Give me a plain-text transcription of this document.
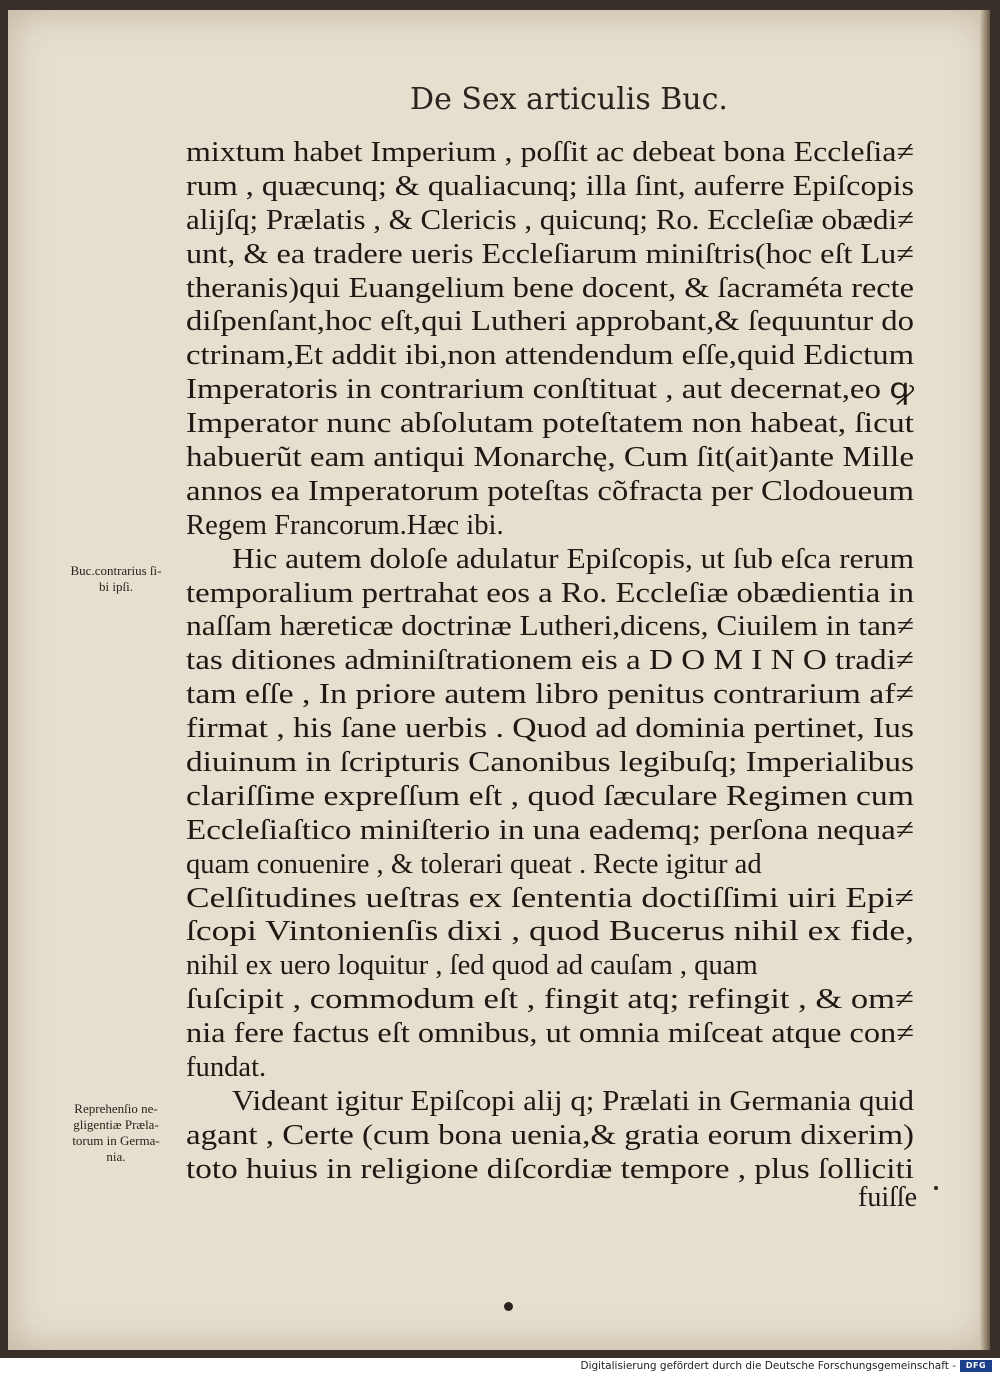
De Sex articulis Buc.
mixtum habet Imperium , poſſit ac debeat bona Eccleſia≠
rum , quæcunq; & qualiacunq; illa ſint, auferre Epiſcopis
alijſq; Prælatis , & Clericis , quicunq; Ro. Eccleſiæ obædi≠
unt, & ea tradere ueris Eccleſiarum miniſtris(hoc eſt Lu≠
theranis)qui Euangelium bene docent, & ſacraméta recte
diſpenſant,hoc eſt,qui Lutheri approbant,& ſequuntur do
ctrinam,Et addit ibi,non attendendum eſſe,quid Edictum
Imperatoris in contrarium conſtituat , aut decernat,eo ꝙ
Imperator nunc abſolutam poteſtatem non habeat, ſicut
habuerũt eam antiqui Monarchę, Cum ſit(ait)ante Mille
annos ea Imperatorum poteſtas cõfracta per Clodoueum
Regem Francorum.Hæc ibi.
Hic autem doloſe adulatur Epiſcopis, ut ſub eſca rerum
temporalium pertrahat eos a Ro. Eccleſiæ obædientia in
naſſam hæreticæ doctrinæ Lutheri,dicens, Ciuilem in tan≠
tas ditiones adminiſtrationem eis a D O M I N O tradi≠
tam eſſe , In priore autem libro penitus contrarium af≠
firmat , his ſane uerbis . Quod ad dominia pertinet, Ius
diuinum in ſcripturis Canonibus legibuſq; Imperialibus
clariſſime expreſſum eſt , quod ſæculare Regimen cum
Eccleſiaſtico miniſterio in una eademq; perſona nequa≠
quam conuenire , & tolerari queat . Recte igitur ad
Celſitudines ueſtras ex ſententia doctiſſimi uiri Epi≠
ſcopi Vintonienſis dixi , quod Bucerus nihil ex fide,
nihil ex uero loquitur , ſed quod ad cauſam , quam
ſuſcipit , commodum eſt , fingit atq; refingit , & om≠
nia fere factus eſt omnibus, ut omnia miſceat atque con≠
fundat.
Videant igitur Epiſcopi alij q; Prælati in Germania quid
agant , Certe (cum bona uenia,& gratia eorum dixerim)
toto huius in religione diſcordiæ tempore , plus ſolliciti
fuiſſe
Buc.contrarius ſi-
bi ipſi.
Reprehenſio ne-
gligentiæ Præla-
torum in Germa-
nia.
Digitalisierung gefördert durch die Deutsche Forschungsgemeinschaft -	DFG
